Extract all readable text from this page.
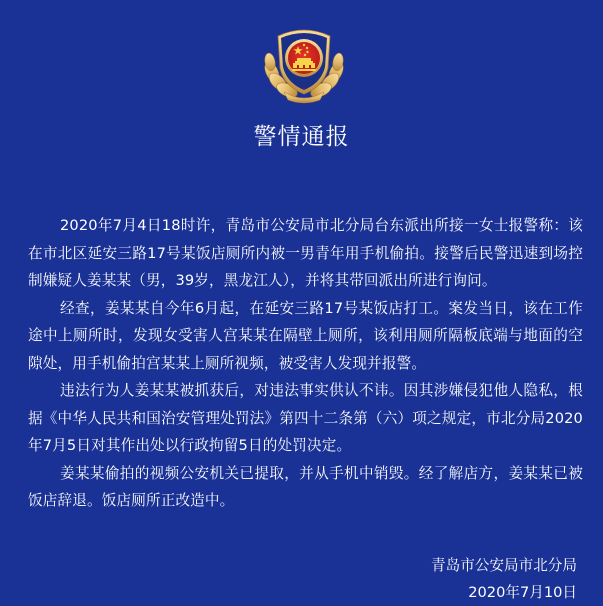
警情通报

2020年7月4日18时许，青岛市公安局市北分局台东派出所接一女士报警称：该在市北区延安三路17号某饭店厕所内被一男青年用手机偷拍。接警后民警迅速到场控制嫌疑人姜某某（男，39岁，黑龙江人），并将其带回派出所进行询问。

经查，姜某某自今年6月起，在延安三路17号某饭店打工。案发当日，该在工作途中上厕所时，发现女受害人宫某某在隔壁上厕所，该利用厕所隔板底端与地面的空隙处，用手机偷拍宫某某上厕所视频，被受害人发现并报警。

违法行为人姜某某被抓获后，对违法事实供认不讳。因其涉嫌侵犯他人隐私，根据《中华人民共和国治安管理处罚法》第四十二条第（六）项之规定，市北分局2020年7月5日对其作出处以行政拘留5日的处罚决定。

姜某某偷拍的视频公安机关已提取，并从手机中销毁。经了解店方，姜某某已被饭店辞退。饭店厕所正改造中。

青岛市公安局市北分局
2020年7月10日
